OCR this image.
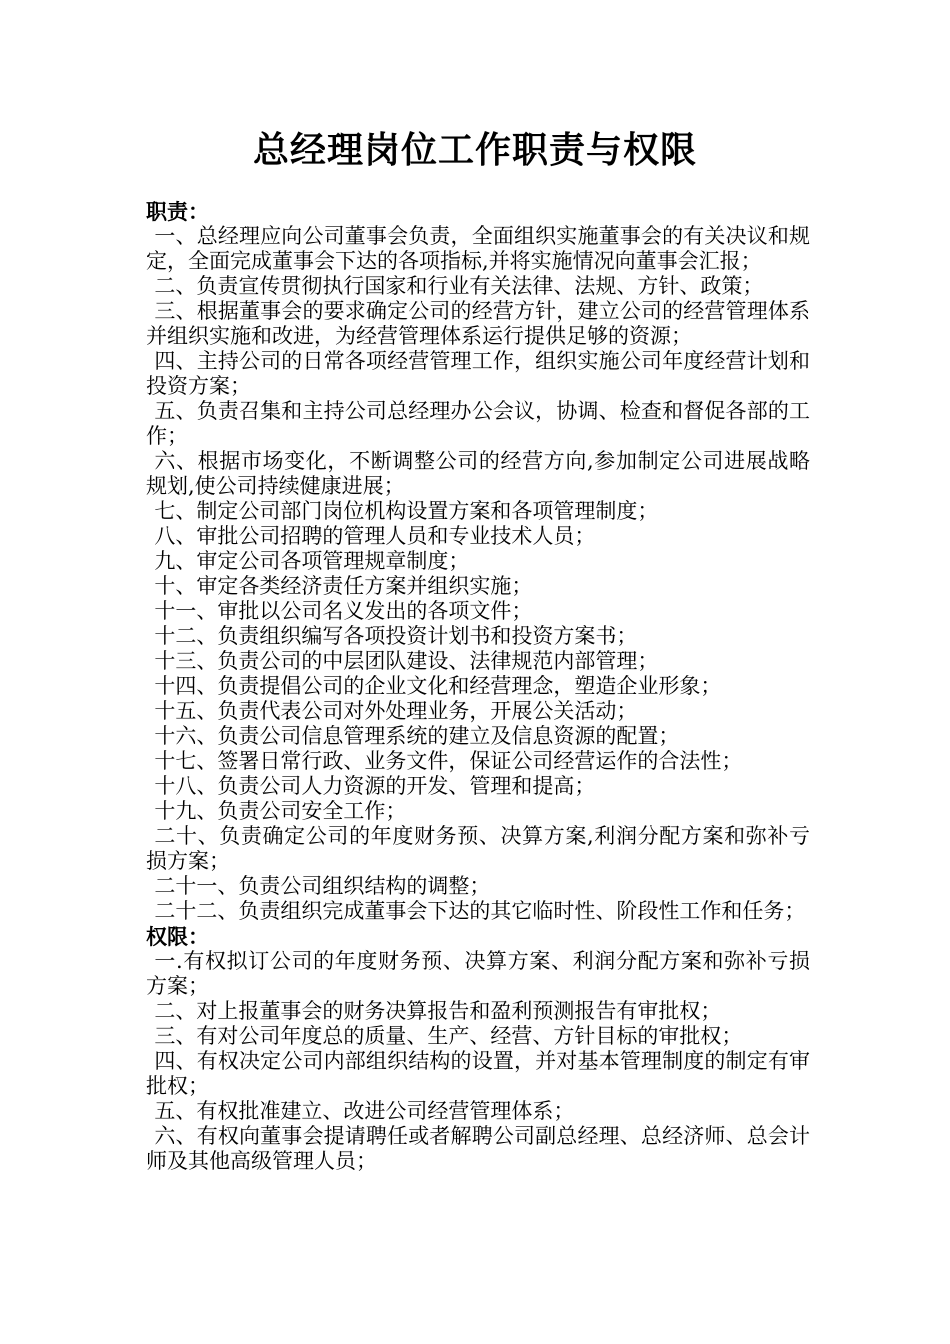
总经理岗位工作职责与权限

职责：

一、总经理应向公司董事会负责，全面组织实施董事会的有关决议和规定，全面完成董事会下达的各项指标,并将实施情况向董事会汇报；

二、负责宣传贯彻执行国家和行业有关法律、法规、方针、政策；

三、根据董事会的要求确定公司的经营方针，建立公司的经营管理体系并组织实施和改进，为经营管理体系运行提供足够的资源；

四、主持公司的日常各项经营管理工作，组织实施公司年度经营计划和投资方案；

五、负责召集和主持公司总经理办公会议，协调、检查和督促各部的工作；

六、根据市场变化，不断调整公司的经营方向,参加制定公司进展战略规划,使公司持续健康进展；

七、制定公司部门岗位机构设置方案和各项管理制度；

八、审批公司招聘的管理人员和专业技术人员；

九、审定公司各项管理规章制度；

十、审定各类经济责任方案并组织实施；

十一、审批以公司名义发出的各项文件；

十二、负责组织编写各项投资计划书和投资方案书；

十三、负责公司的中层团队建设、法律规范内部管理；

十四、负责提倡公司的企业文化和经营理念，塑造企业形象；

十五、负责代表公司对外处理业务，开展公关活动；

十六、负责公司信息管理系统的建立及信息资源的配置；

十七、签署日常行政、业务文件，保证公司经营运作的合法性；

十八、负责公司人力资源的开发、管理和提高；

十九、负责公司安全工作；

二十、负责确定公司的年度财务预、决算方案,利润分配方案和弥补亏损方案；

二十一、负责公司组织结构的调整；

二十二、负责组织完成董事会下达的其它临时性、阶段性工作和任务；

权限：

一.有权拟订公司的年度财务预、决算方案、利润分配方案和弥补亏损方案；

二、对上报董事会的财务决算报告和盈利预测报告有审批权；

三、有对公司年度总的质量、生产、经营、方针目标的审批权；

四、有权决定公司内部组织结构的设置，并对基本管理制度的制定有审批权；

五、有权批准建立、改进公司经营管理体系；

六、有权向董事会提请聘任或者解聘公司副总经理、总经济师、总会计师及其他高级管理人员；
